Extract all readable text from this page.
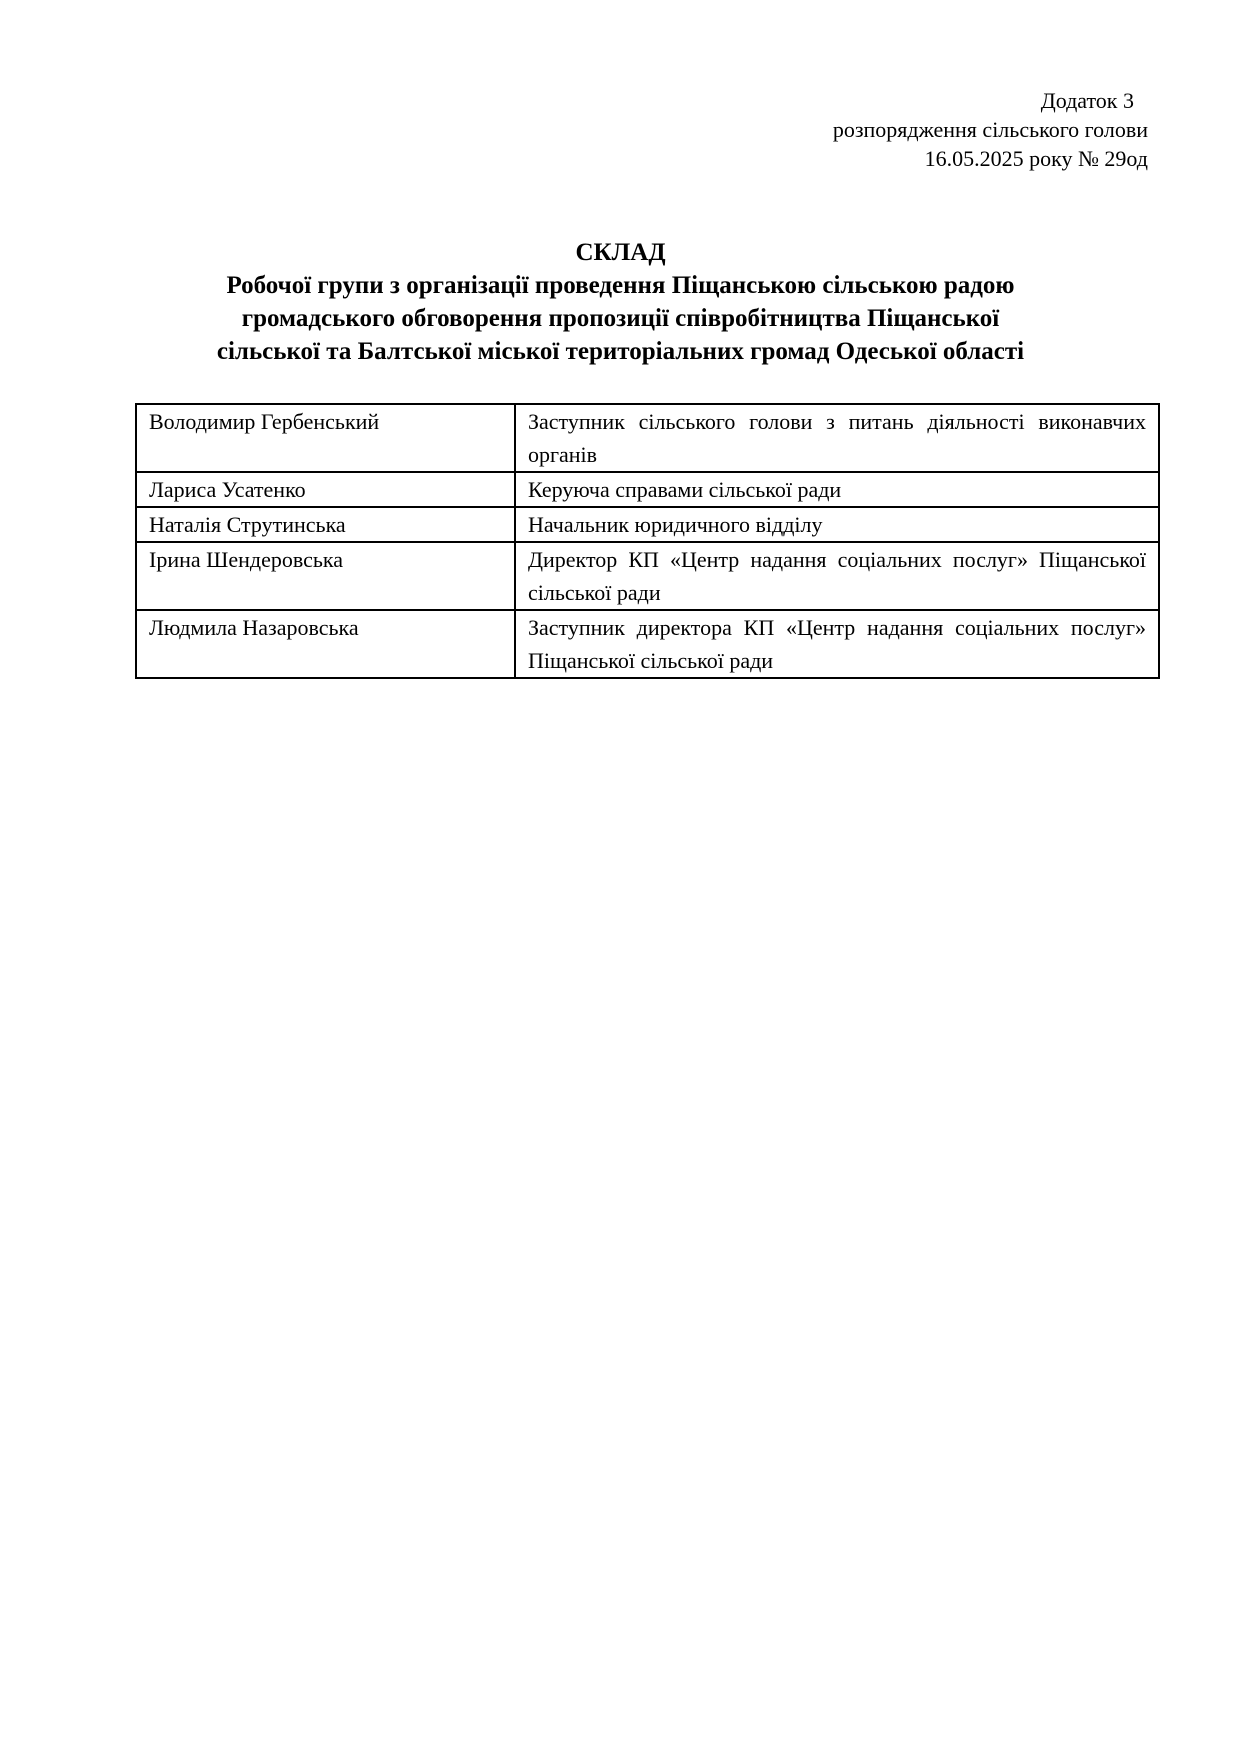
Додаток 3
розпорядження сільського голови
16.05.2025 року № 29од
СКЛАД
Робочої групи з організації проведення Піщанською сільською радою
громадського обговорення пропозиції співробітництва Піщанської
сільської та Балтської міської територіальних громад Одеської області
Володимир Гербенський	Заступник сільського голови з питань діяльності виконавчих органів
Лариса Усатенко	Керуюча справами сільської ради
Наталія Струтинська	Начальник юридичного відділу
Ірина Шендеровська	Директор КП «Центр надання соціальних послуг» Піщанської сільської ради
Людмила Назаровська	Заступник директора КП «Центр надання соціальних послуг» Піщанської сільської ради
